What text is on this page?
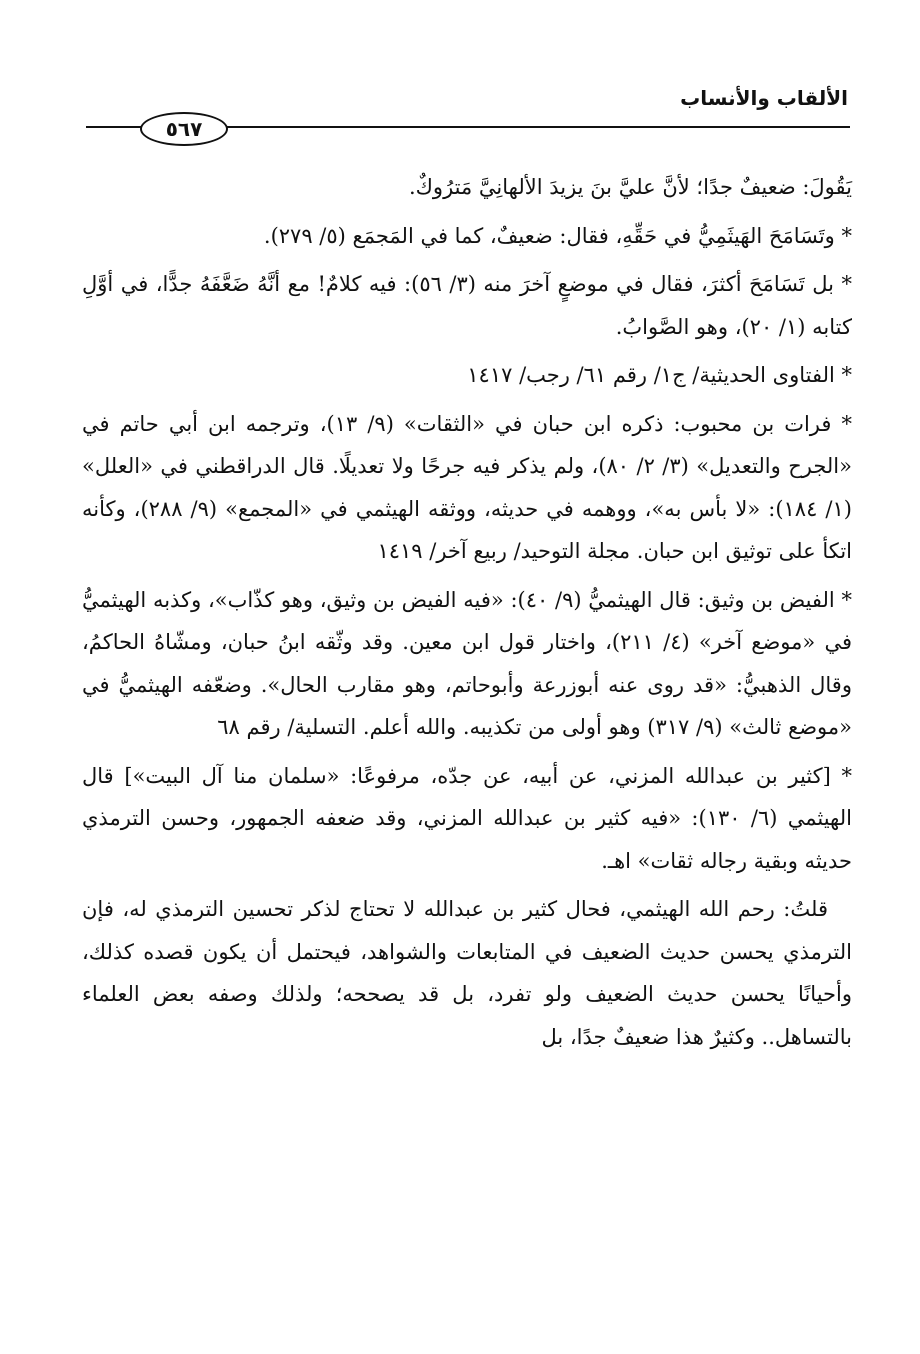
الألقاب والأنساب
٥٦٧

يَقُولَ: ضعيفٌ جدًا؛ لأنَّ عليَّ بنَ يزيدَ الألهانِيَّ مَترُوكٌ.

* وتَسَامَحَ الهَيثَمِيُّ في حَقِّهِ، فقال: ضعيفٌ، كما في المَجمَع (٥/ ٢٧٩).

* بل تَسَامَحَ أكثرَ، فقال في موضعٍ آخرَ منه (٣/ ٥٦): فيه كلامٌ! مع أنَّهُ ضَعَّفَهُ جدًّا، في أوَّلِ كتابه (١/ ٢٠)، وهو الصَّوابُ.

* الفتاوى الحديثية/ ج١/ رقم ٦١/ رجب/ ١٤١٧

* فرات بن محبوب: ذكره ابن حبان في «الثقات» (٩/ ١٣)، وترجمه ابن أبي حاتم في «الجرح والتعديل» (٣/ ٢/ ٨٠)، ولم يذكر فيه جرحًا ولا تعديلًا. قال الدراقطني في «العلل» (١/ ١٨٤): «لا بأس به»، ووهمه في حديثه، ووثقه الهيثمي في «المجمع» (٩/ ٢٨٨)، وكأنه اتكأ على توثيق ابن حبان. مجلة التوحيد/ ربيع آخر/ ١٤١٩

* الفيض بن وثيق: قال الهيثميُّ (٩/ ٤٠): «فيه الفيض بن وثيق، وهو كذّاب»، وكذبه الهيثميُّ في «موضع آخر» (٤/ ٢١١)، واختار قول ابن معين. وقد وثّقه ابنُ حبان، ومشّاهُ الحاكمُ، وقال الذهبيُّ: «قد روى عنه أبوزرعة وأبوحاتم، وهو مقارب الحال». وضعّفه الهيثميُّ في «موضع ثالث» (٩/ ٣١٧) وهو أولى من تكذيبه. والله أعلم. التسلية/ رقم ٦٨

* [كثير بن عبدالله المزني، عن أبيه، عن جدّه، مرفوعًا: «سلمان منا آل البيت»] قال الهيثمي (٦/ ١٣٠): «فيه كثير بن عبدالله المزني، وقد ضعفه الجمهور، وحسن الترمذي حديثه وبقية رجاله ثقات» اهـ.

قلتُ: رحم الله الهيثمي، فحال كثير بن عبدالله لا تحتاج لذكر تحسين الترمذي له، فإن الترمذي يحسن حديث الضعيف في المتابعات والشواهد، فيحتمل أن يكون قصده كذلك، وأحيانًا يحسن حديث الضعيف ولو تفرد، بل قد يصححه؛ ولذلك وصفه بعض العلماء بالتساهل.. وكثيرٌ هذا ضعيفٌ جدًا، بل
